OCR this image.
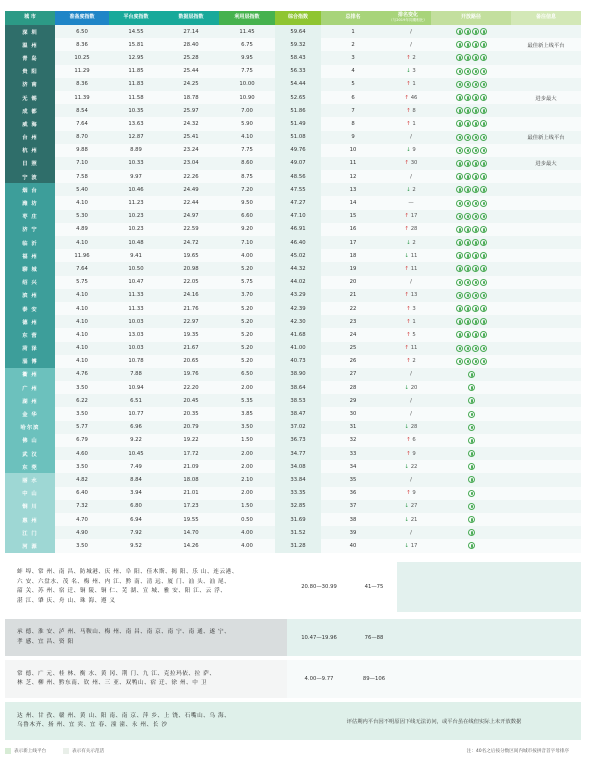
城 市	准备度指数	平台度指数	数据层指数	利用层指数	综合指数	总排名	排名变化
（与2019年同期相比）	开放路径	备注信息
深 圳	6.50	14.55	27.14	11.45	59.64	1	/		
温 州	8.36	15.81	28.40	6.75	59.32	2	/		最佳新上线平台
青 岛	10.25	12.95	25.28	9.95	58.43	3	↑ 2		
贵 阳	11.29	11.85	25.44	7.75	56.33	4	↓ 3		
济 南	8.36	11.83	24.25	10.00	54.44	5	↑ 1		
无 锡	11.39	11.58	18.78	10.90	52.65	6	↑ 46		进步最大
成 都	8.54	10.35	25.97	7.00	51.86	7	↑ 8		
威 海	7.64	13.63	24.32	5.90	51.49	8	↑ 1		
台 州	8.70	12.87	25.41	4.10	51.08	9	/		最佳新上线平台
杭 州	9.88	8.89	23.24	7.75	49.76	10	↓ 9		
日 照	7.10	10.33	23.04	8.60	49.07	11	↑ 30		进步最大
宁 波	7.58	9.97	22.26	8.75	48.56	12	/		
烟 台	5.40	10.46	24.49	7.20	47.55	13	↓ 2		
潍 坊	4.10	11.23	22.44	9.50	47.27	14	—		
枣 庄	5.30	10.23	24.97	6.60	47.10	15	↑ 17		
济 宁	4.89	10.23	22.59	9.20	46.91	16	↑ 28		
临 沂	4.10	10.48	24.72	7.10	46.40	17	↓ 2		
福 州	11.96	9.41	19.65	4.00	45.02	18	↓ 11		
聊 城	7.64	10.50	20.98	5.20	44.32	19	↑ 11		
绍 兴	5.75	10.47	22.05	5.75	44.02	20	/		
滨 州	4.10	11.33	24.16	3.70	43.29	21	↑ 13		
泰 安	4.10	11.33	21.76	5.20	42.39	22	↑ 3		
德 州	4.10	10.03	22.97	5.20	42.30	23	↑ 1		
东 营	4.10	13.03	19.35	5.20	41.68	24	↑ 5		
菏 泽	4.10	10.03	21.67	5.20	41.00	25	↑ 11		
淄 博	4.10	10.78	20.65	5.20	40.73	26	↑ 2		
衢 州	4.76	7.88	19.76	6.50	38.90	27	/		
广 州	3.50	10.94	22.20	2.00	38.64	28	↓ 20		
湖 州	6.22	6.51	20.45	5.35	38.53	29	/		
金 华	3.50	10.77	20.35	3.85	38.47	30	/		
哈尔滨	5.77	6.96	20.79	3.50	37.02	31	↓ 28		
佛 山	6.79	9.22	19.22	1.50	36.73	32	↑ 6		
武 汉	4.60	10.45	17.72	2.00	34.77	33	↑ 9		
东 莞	3.50	7.49	21.09	2.00	34.08	34	↓ 22		
丽 水	4.82	8.84	18.08	2.10	33.84	35	/		
中 山	6.40	3.94	21.01	2.00	33.35	36	↑ 9		
铜 川	7.32	6.80	17.23	1.50	32.85	37	↓ 27		
惠 州	4.70	6.94	19.55	0.50	31.69	38	↓ 21		
江 门	4.90	7.92	14.70	4.00	31.52	39	/		
河 源	3.50	9.52	14.26	4.00	31.28	40	↓ 17		
蚌 埠、常 州、南 昌、防城港、庆 州、阜 阳、佳木斯、揭 阳、乐 山、连云港、
六 安、六盘水、茂 名、梅 州、内 江、黔 南、清 远、厦 门、汕 头、汕 尾、
韶 关、苏 州、宿 迁、铜 陵、铜 仁、芜 湖、宣 城、雅 安、阳 江、云 浮、
湛 江、肇 庆、舟 山、珠 海、遵 义
20.80—30.99	41—75
承 德、淮 安、泸 州、马鞍山、梅 州、南 昌、南 京、南 宁、南 通、遂 宁、
孝 感、宜 昌、资 阳
10.47—19.96	76—88
常 德、广 元、桂 林、衡 水、黄 冈、荆 门、九 江、克拉玛依、拉 萨、
林 芝、柳 州、黔东南、钦 州、三 亚、双鸭山、宿 迁、徐 州、中 卫
4.00—9.77	89—106
达 州、甘 孜、赣 州、黄 山、阳 南、南 京、萍 乡、上 饶、石嘴山、乌 海、
乌鲁木齐、扬 州、宜 宾、宜 春、潼 潼、永 州、长 沙	评估期内平台因不明原因下线无法访问，或平台虽在线但实际上未开放数据
表示新上线平台	表示有关示范活	注：40名之后按分数区间内城市按拼音首字母排序
